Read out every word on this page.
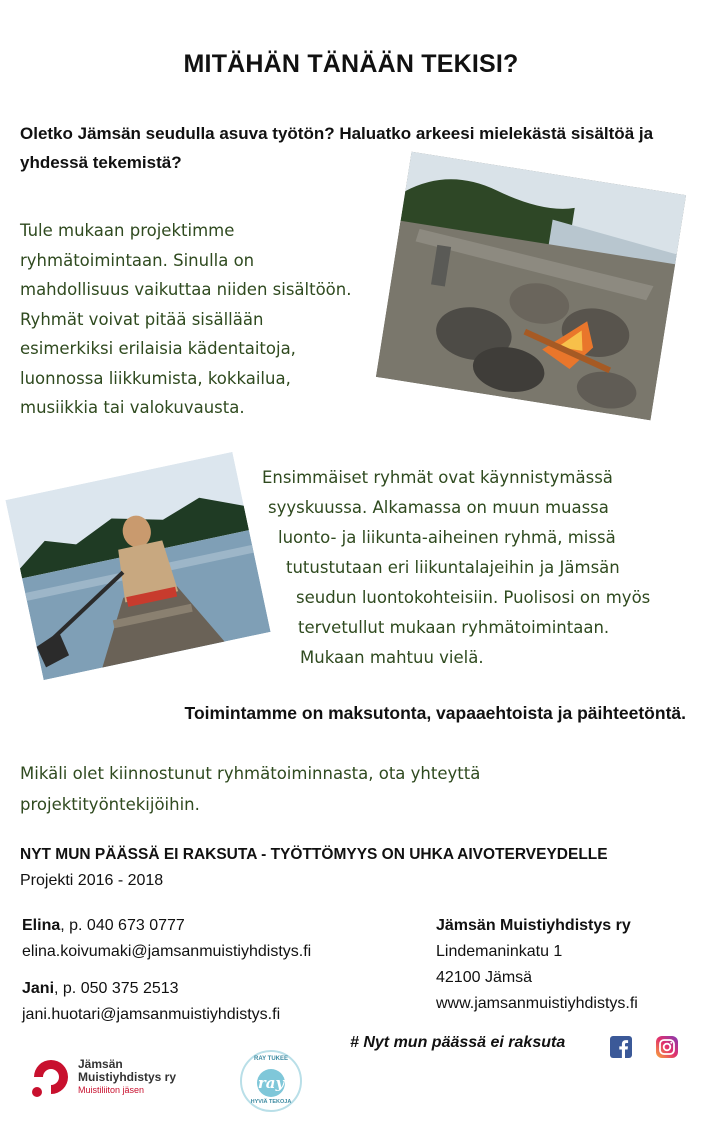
MITÄHÄN TÄNÄÄN TEKISI?

Oletko Jämsän seudulla asuva työtön? Haluatko arkeesi mielekästä sisältöä ja yhdessä tekemistä?

Tule mukaan projektimme ryhmätoimintaan. Sinulla on mahdollisuus vaikuttaa niiden sisältöön. Ryhmät voivat pitää sisällään esimerkiksi erilaisia kädentaitoja, luonnossa liikkumista, kokkailua, musiikkia tai valokuvausta.

Ensimmäiset ryhmät ovat käynnistymässä
syyskuussa. Alkamassa on muun muassa
luonto- ja liikunta-aiheinen ryhmä, missä
tutustutaan eri liikuntalajeihin ja Jämsän
seudun luontokohteisiin. Puolisosi on myös
tervetullut mukaan ryhmätoimintaan.
Mukaan mahtuu vielä.

Toimintamme on maksutonta, vapaaehtoista ja päihteetöntä.

Mikäli olet kiinnostunut ryhmätoiminnasta, ota yhteyttä projektityöntekijöihin.

NYT MUN PÄÄSSÄ EI RAKSUTA - TYÖTTÖMYYS ON UHKA AIVOTERVEYDELLE

Projekti 2016 - 2018

Elina, p. 040 673 0777
elina.koivumaki@jamsanmuistiyhdistys.fi
Jani, p. 050 375 2513
jani.huotari@jamsanmuistiyhdistys.fi
Jämsän Muistiyhdistys ry
Lindemaninkatu 1
42100 Jämsä
www.jamsanmuistiyhdistys.fi
# Nyt mun päässä ei raksuta
Jämsän
Muistiyhdistys ry
Muistiliiton jäsen
RAY TUKEE
ray
HYVIÄ TEKOJA
